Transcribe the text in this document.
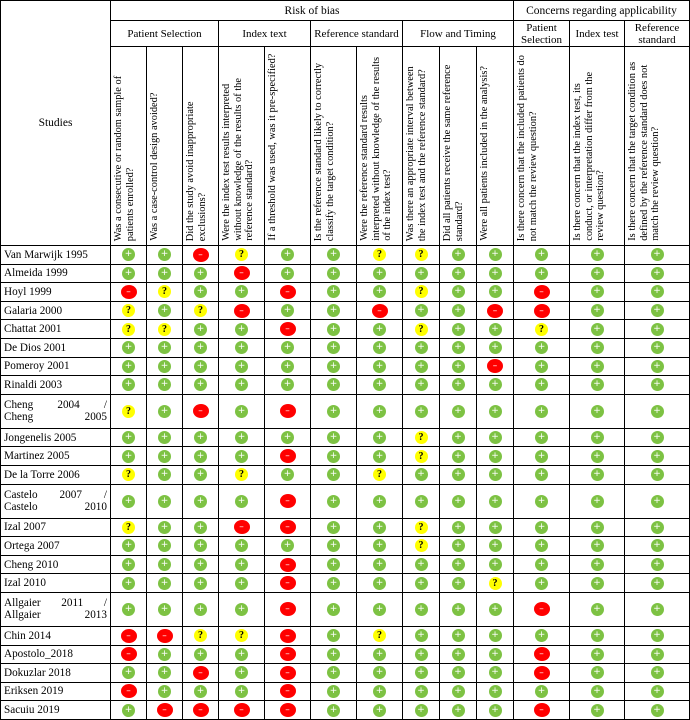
Studies	Risk of bias										Concerns regarding applicability		
	Patient Selection			Index text		Reference standard		Flow and Timing			Patient Selection	Index test	Reference standard

	Was a consecutive or random sample of patients enrolled?	Was a case-control design avoided?	Did the study avoid inappropriate exclusions?	Were the index test results interpreted without knowledge of the results of the reference standard?	If a threshold was used, was it pre-specified?	Is the reference standard likely to correctly classify the target condition?	Were the reference standard results interpreted without knowledge of the results of the index test?	Was there an appropriate interval between the index test and the reference standard?	Did all patients receive the same reference standard?	Were all patients included in the analysis?	Is there concern that the included patients do not match the review question?	Is there concern that the index test, its conduct, or interpretation differ from the review question?	Is there concern that the target condition as defined by the reference standard does not match the review question?

Van Marwijk 1995	+	+	–	?	+	+	?	?	+	+	+	+	+
Almeida 1999	+	+	+	–	+	+	+	+	+	+	+	+	+
Hoyl 1999	–	?	+	+	–	+	+	?	+	+	–	+	+
Galaria 2000	?	+	?	–	+	+	–	+	+	–	–	+	+
Chattat 2001	?	?	+	+	–	+	+	?	+	+	?	+	+
De Dios 2001	+	+	+	+	+	+	+	+	+	+	+	+	+
Pomeroy 2001	+	+	+	+	+	+	+	+	+	–	+	+	+
Rinaldi 2003	+	+	+	+	+	+	+	+	+	+	+	+	+

Cheng 2004 /
Cheng 2005	?	+	–	+	–	+	+	+	+	+	+	+	+
Jongenelis 2005	+	+	+	+	+	+	+	?	+	+	+	+	+
Martinez 2005	+	+	+	+	–	+	+	?	+	+	+	+	+
De la Torre 2006	?	+	+	?	+	+	?	+	+	+	+	+	+

Castelo 2007 /
Castelo 2010	+	+	+	+	–	+	+	+	+	+	+	+	+
Izal 2007	?	+	+	–	–	+	+	?	+	+	+	+	+
Ortega 2007	+	+	+	+	+	+	+	?	+	+	+	+	+
Cheng 2010	+	+	+	+	–	+	+	+	+	+	+	+	+
Izal 2010	+	+	+	+	–	+	+	+	+	?	+	+	+

Allgaier 2011 /
Allgaier 2013	+	+	+	+	–	+	+	+	+	+	–	+	+
Chin 2014	–	–	?	?	–	+	?	+	+	+	+	+	+
Apostolo_2018	–	+	+	+	–	+	+	+	+	+	–	+	+
Dokuzlar 2018	+	+	–	+	–	+	+	+	+	+	–	+	+
Eriksen 2019	–	+	+	+	–	+	+	+	+	+	+	+	+
Sacuiu 2019	+	–	–	–	–	+	+	+	+	+	–	+	+
